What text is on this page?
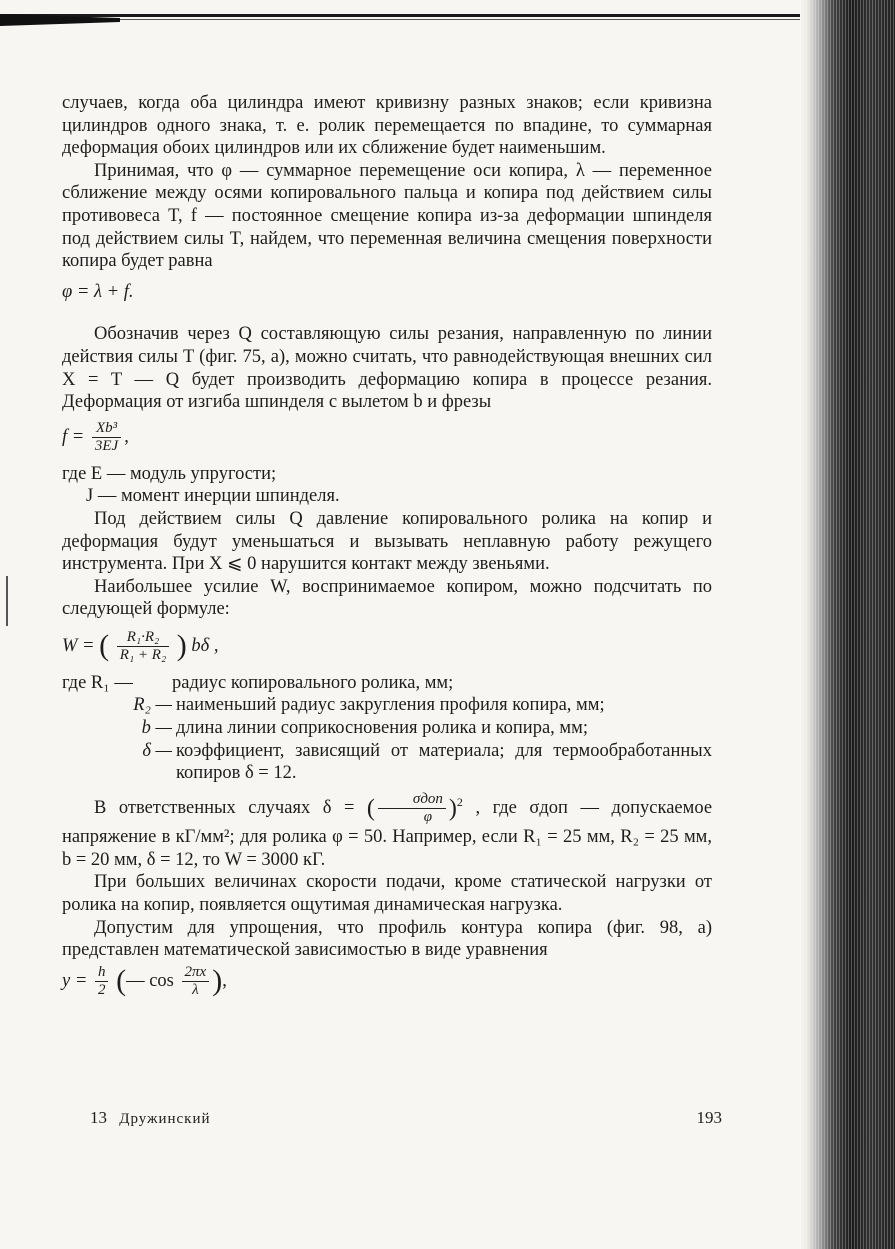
случаев, когда оба цилиндра имеют кривизну разных знаков; если кривизна цилиндров одного знака, т. е. ролик перемещается по впадине, то суммарная деформация обоих цилиндров или их сближение будет наименьшим.

Принимая, что φ — суммарное перемещение оси копира, λ — переменное сближение между осями копировального пальца и копира под действием силы противовеса T, f — постоянное смещение копира из-за деформации шпинделя под действием силы T, найдем, что переменная величина смещения поверхности копира будет равна

φ = λ + f.

Обозначив через Q составляющую силы резания, направленную по линии действия силы T (фиг. 75, a), можно считать, что равнодействующая внешних сил X = T — Q будет производить деформацию копира в процессе резания. Деформация от изгиба шпинделя с вылетом b и фрезы

$f = \frac{\text{Xb³}}{3EJ}$ ,

где E — модуль упругости;

J — момент инерции шпинделя.

Под действием силы Q давление копировального ролика на копир и деформация будут уменьшаться и вызывать неплавную работу режущего инструмента. При X ⩽ 0 нарушится контакт между звеньями.

Наибольшее усилие W, воспринимаемое копиром, можно подсчитать по следующей формуле:

W = ( $\frac{\text{R₁·R₂}}{\text{R₁ + R₂}}$ ) bδ ,

где R₁ —	радиус копировального ролика, мм;
R₂ — наименьший радиус закругления профиля копира, мм;
b — длина линии соприкосновения ролика и копира, мм;
δ — коэффициент, зависящий от материала; для термообработанных копиров δ = 12.

В ответственных случаях δ = ( $\frac{\text{σдоп}}{\varphi} )^2$ , где σдоп — допускаемое напряжение в кГ/мм²; для ролика φ = 50. Например, если R₁ = 25 мм, R₂ = 25 мм, b = 20 мм, δ = 12, то W = 3000 кГ.

При больших величинах скорости подачи, кроме статической нагрузки от ролика на копир, появляется ощутимая динамическая нагрузка.

Допустим для упрощения, что профиль контура копира (фиг. 98, a) представлен математической зависимостью в виде уравнения

$y = \frac{h}{2}$ (— $\cos \frac{2\pi x}{\lambda}$ ),

13 Дружинский	193
